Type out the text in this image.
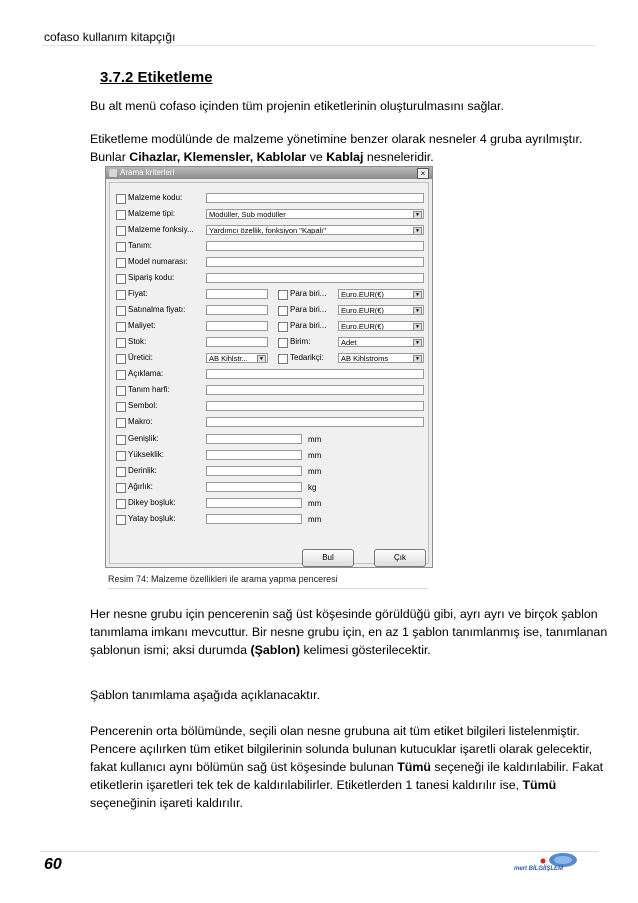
cofaso kullanım kitapçığı
3.7.2 Etiketleme
Bu alt menü cofaso içinden tüm projenin etiketlerinin oluşturulmasını sağlar.
Etiketleme modülünde de malzeme yönetimine benzer olarak nesneler 4 gruba ayrılmıştır. Bunlar Cihazlar, Klemensler, Kablolar ve Kablaj nesneleridir.
Arama kriterleri	×
Malzeme kodu:
Malzeme tipi:	Modüller, Sub modüller	▼
Malzeme fonksiy...	Yardımcı özellik, fonksiyon "Kapalı"	▼
Tanım:
Model numarası:
Sipariş kodu:
Fiyat:	Para biri...	Euro.EUR(€)	▼
Satınalma fiyatı:	Para biri...	Euro.EUR(€)	▼
Maliyet:	Para biri...	Euro.EUR(€)	▼
Stok:	Birim:	Adet	▼
Üretici:	AB Kihlstr...	▼	Tedarikçi:	AB Kihlstroms	▼
Açıklama:
Tanım harfi:
Sembol:
Makro:
Genişlik:	mm
Yükseklik:	mm
Derinlik:	mm
Ağırlık:	kg
Dikey boşluk:	mm
Yatay boşluk:	mm
Bul	Çık
Resim 74: Malzeme özellikleri ile arama yapma penceresi
Her nesne grubu için pencerenin sağ üst köşesinde görüldüğü gibi, ayrı ayrı ve birçok şablon tanımlama imkanı mevcuttur. Bir nesne grubu için, en az 1 şablon tanımlanmış ise, tanımlanan şablonun ismi; aksi durumda (Şablon) kelimesi gösterilecektir.
Şablon tanımlama aşağıda açıklanacaktır.
Pencerenin orta bölümünde, seçili olan nesne grubuna ait tüm etiket bilgileri listelenmiştir. Pencere açılırken tüm etiket bilgilerinin solunda bulunan kutucuklar işaretli olarak gelecektir, fakat kullanıcı aynı bölümün sağ üst köşesinde bulunan Tümü seçeneği ile kaldırılabilir. Fakat etiketlerin işaretleri tek tek de kaldırılabilirler. Etiketlerden 1 tanesi kaldırılır ise, Tümü seçeneğinin işareti kaldırılır.
60	mert BİLGİİŞLEM
